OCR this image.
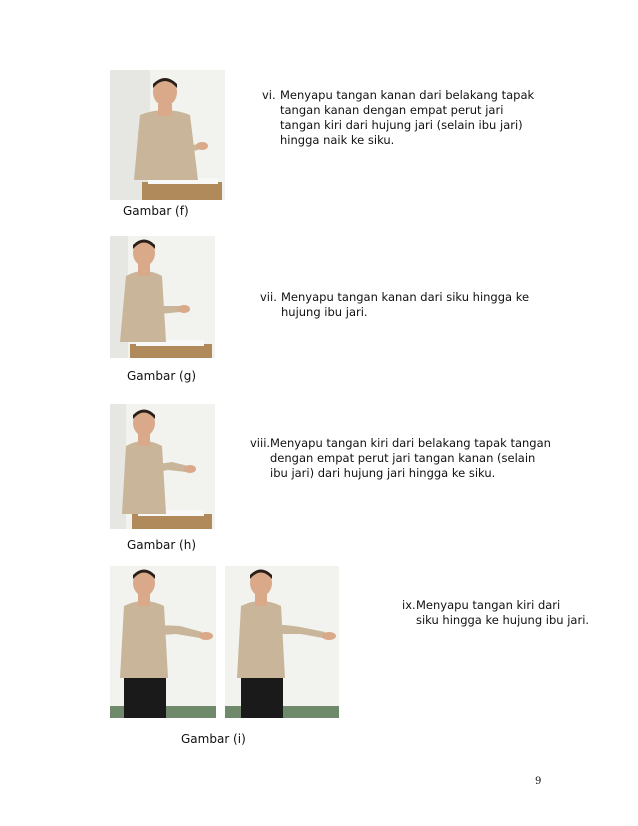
Gambar (f)
vi. Menyapu tangan kanan dari belakang tapak
tangan kanan dengan empat perut jari
tangan kiri dari hujung jari (selain ibu jari)
hingga naik ke siku.
Gambar (g)
vii. Menyapu tangan kanan dari siku hingga ke
hujung ibu jari.
Gambar (h)
viii. Menyapu tangan kiri dari belakang tapak tangan
dengan empat perut jari tangan kanan (selain
ibu jari) dari hujung jari hingga ke siku.
Gambar (i)
ix. Menyapu tangan kiri dari
siku hingga ke hujung ibu jari.
9
